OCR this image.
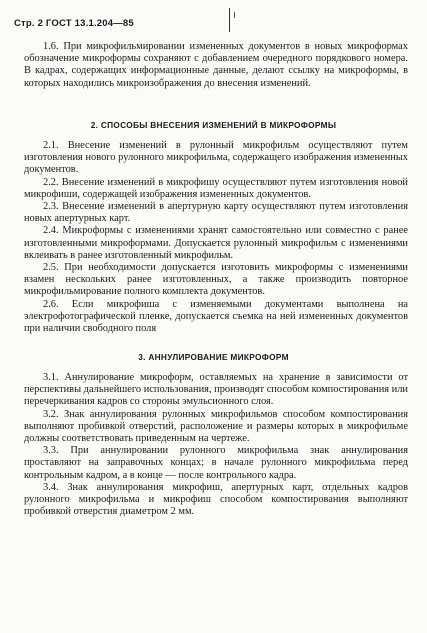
Стр. 2 ГОСТ 13.1.204—85

1.6. При микрофильмировании измененных документов в новых микроформах обозначение микроформы сохраняют с добавлением очередного порядкового номера. В кадрах, содержащих информационные данные, делают ссылку на микроформы, в которых находились микроизображения до внесения изменений.

2. СПОСОБЫ ВНЕСЕНИЯ ИЗМЕНЕНИЙ В МИКРОФОРМЫ

2.1. Внесение изменений в рулонный микрофильм осуществляют путем изготовления нового рулонного микрофильма, содержащего изображения измененных документов.

2.2. Внесение изменений в микрофишу осуществляют путем изготовления новой микрофиши, содержащей изображения измененных документов.

2.3. Внесение изменений в апертурную карту осуществляют путем изготовления новых апертурных карт.

2.4. Микроформы с изменениями хранят самостоятельно или совместно с ранее изготовленными микроформами. Допускается рулонный микрофильм с изменениями вклеивать в ранее изготовленный микрофильм.

2.5. При необходимости допускается изготовить микроформы с изменениями взамен нескольких ранее изготовленных, а также производить повторное микрофильмирование полного комплекта документов.

2.6. Если микрофиша с изменяемыми документами выполнена на электрофотографической пленке, допускается съемка на ней измененных документов при наличии свободного поля

3. АННУЛИРОВАНИЕ МИКРОФОРМ

3.1. Аннулирование микроформ, оставляемых на хранение в зависимости от перспективы дальнейшего использования, производят способом компостирования или перечеркивания кадров со стороны эмульсионного слоя.

3.2. Знак аннулирования рулонных микрофильмов способом компостирования выполняют пробивкой отверстий, расположение и размеры которых в микрофильме должны соответствовать приведенным на чертеже.

3.3. При аннулировании рулонного микрофильма знак аннулирования проставляют на заправочных концах; в начале рулонного микрофильма перед контрольным кадром, а в конце — после контрольного кадра.

3.4. Знак аннулирования микрофиш, апертурных карт, отдельных кадров рулонного микрофильма и микрофиш способом компостирования выполняют пробивкой отверстия диаметром 2 мм.
